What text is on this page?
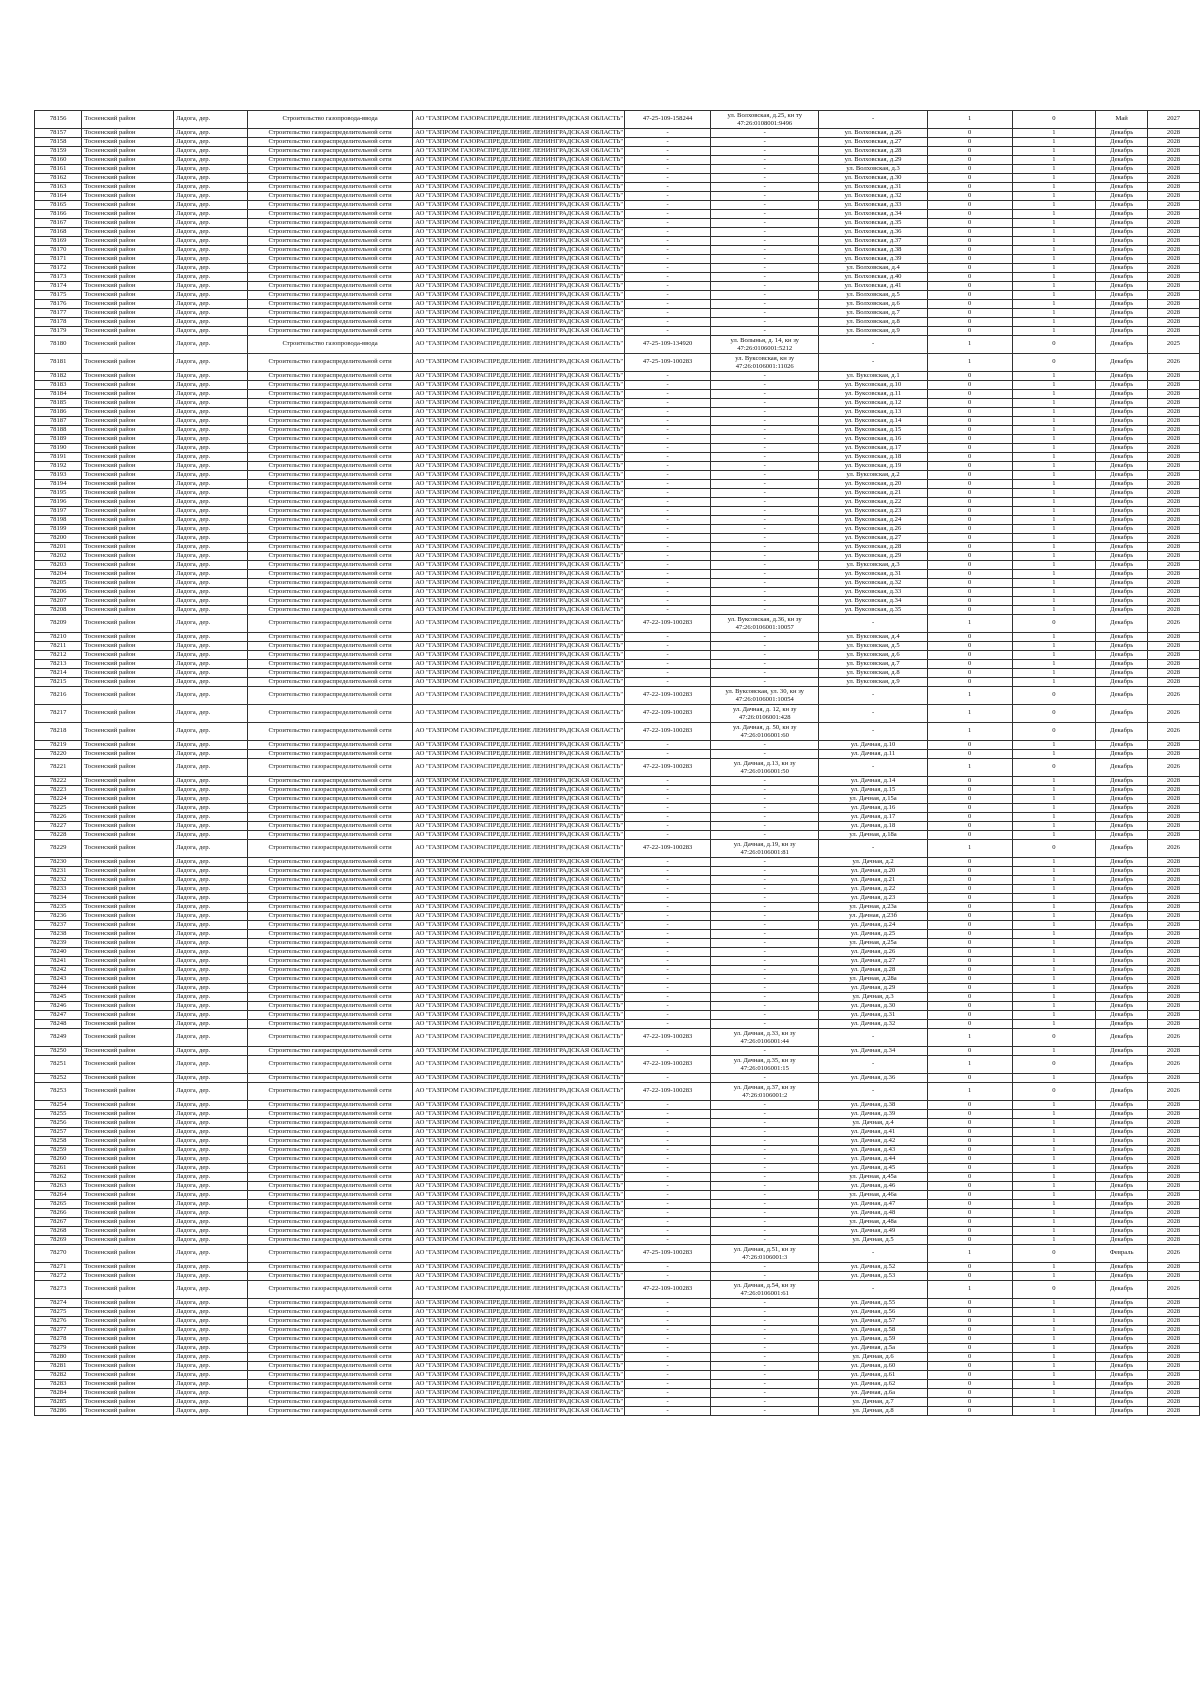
78156	Тосненский район	Ладога, дер.	Строительство газопровода-ввода	АО "ГАЗПРОМ ГАЗОРАСПРЕДЕЛЕНИЕ ЛЕНИНГРАДСКАЯ ОБЛАСТЬ"	47-25-109-158244	ул. Волховская, д.25, кн ту 47:26:0108001:9496	-	1	0	Май	2027
78157	Тосненский район	Ладога, дер.	Строительство газораспределительной сети	АО "ГАЗПРОМ ГАЗОРАСПРЕДЕЛЕНИЕ ЛЕНИНГРАДСКАЯ ОБЛАСТЬ"	-	-	ул. Волховская, д.26	0	1	Декабрь	2028
78158	Тосненский район	Ладога, дер.	Строительство газораспределительной сети	АО "ГАЗПРОМ ГАЗОРАСПРЕДЕЛЕНИЕ ЛЕНИНГРАДСКАЯ ОБЛАСТЬ"	-	-	ул. Волховская, д.27	0	1	Декабрь	2028
78159	Тосненский район	Ладога, дер.	Строительство газораспределительной сети	АО "ГАЗПРОМ ГАЗОРАСПРЕДЕЛЕНИЕ ЛЕНИНГРАДСКАЯ ОБЛАСТЬ"	-	-	ул. Волховская, д.28	0	1	Декабрь	2028
78160	Тосненский район	Ладога, дер.	Строительство газораспределительной сети	АО "ГАЗПРОМ ГАЗОРАСПРЕДЕЛЕНИЕ ЛЕНИНГРАДСКАЯ ОБЛАСТЬ"	-	-	ул. Волховская, д.29	0	1	Декабрь	2028
78161	Тосненский район	Ладога, дер.	Строительство газораспределительной сети	АО "ГАЗПРОМ ГАЗОРАСПРЕДЕЛЕНИЕ ЛЕНИНГРАДСКАЯ ОБЛАСТЬ"	-	-	ул. Волховская, д.3	0	1	Декабрь	2028
78162	Тосненский район	Ладога, дер.	Строительство газораспределительной сети	АО "ГАЗПРОМ ГАЗОРАСПРЕДЕЛЕНИЕ ЛЕНИНГРАДСКАЯ ОБЛАСТЬ"	-	-	ул. Волховская, д.30	0	1	Декабрь	2028
78163	Тосненский район	Ладога, дер.	Строительство газораспределительной сети	АО "ГАЗПРОМ ГАЗОРАСПРЕДЕЛЕНИЕ ЛЕНИНГРАДСКАЯ ОБЛАСТЬ"	-	-	ул. Волховская, д.31	0	1	Декабрь	2028
78164	Тосненский район	Ладога, дер.	Строительство газораспределительной сети	АО "ГАЗПРОМ ГАЗОРАСПРЕДЕЛЕНИЕ ЛЕНИНГРАДСКАЯ ОБЛАСТЬ"	-	-	ул. Волховская, д.32	0	1	Декабрь	2028
78165	Тосненский район	Ладога, дер.	Строительство газораспределительной сети	АО "ГАЗПРОМ ГАЗОРАСПРЕДЕЛЕНИЕ ЛЕНИНГРАДСКАЯ ОБЛАСТЬ"	-	-	ул. Волховская, д.33	0	1	Декабрь	2028
78166	Тосненский район	Ладога, дер.	Строительство газораспределительной сети	АО "ГАЗПРОМ ГАЗОРАСПРЕДЕЛЕНИЕ ЛЕНИНГРАДСКАЯ ОБЛАСТЬ"	-	-	ул. Волховская, д.34	0	1	Декабрь	2028
78167	Тосненский район	Ладога, дер.	Строительство газораспределительной сети	АО "ГАЗПРОМ ГАЗОРАСПРЕДЕЛЕНИЕ ЛЕНИНГРАДСКАЯ ОБЛАСТЬ"	-	-	ул. Волховская, д.35	0	1	Декабрь	2028
78168	Тосненский район	Ладога, дер.	Строительство газораспределительной сети	АО "ГАЗПРОМ ГАЗОРАСПРЕДЕЛЕНИЕ ЛЕНИНГРАДСКАЯ ОБЛАСТЬ"	-	-	ул. Волховская, д.36	0	1	Декабрь	2028
78169	Тосненский район	Ладога, дер.	Строительство газораспределительной сети	АО "ГАЗПРОМ ГАЗОРАСПРЕДЕЛЕНИЕ ЛЕНИНГРАДСКАЯ ОБЛАСТЬ"	-	-	ул. Волховская, д.37	0	1	Декабрь	2028
78170	Тосненский район	Ладога, дер.	Строительство газораспределительной сети	АО "ГАЗПРОМ ГАЗОРАСПРЕДЕЛЕНИЕ ЛЕНИНГРАДСКАЯ ОБЛАСТЬ"	-	-	ул. Волховская, д.38	0	1	Декабрь	2028
78171	Тосненский район	Ладога, дер.	Строительство газораспределительной сети	АО "ГАЗПРОМ ГАЗОРАСПРЕДЕЛЕНИЕ ЛЕНИНГРАДСКАЯ ОБЛАСТЬ"	-	-	ул. Волховская, д.39	0	1	Декабрь	2028
78172	Тосненский район	Ладога, дер.	Строительство газораспределительной сети	АО "ГАЗПРОМ ГАЗОРАСПРЕДЕЛЕНИЕ ЛЕНИНГРАДСКАЯ ОБЛАСТЬ"	-	-	ул. Волховская, д.4	0	1	Декабрь	2028
78173	Тосненский район	Ладога, дер.	Строительство газораспределительной сети	АО "ГАЗПРОМ ГАЗОРАСПРЕДЕЛЕНИЕ ЛЕНИНГРАДСКАЯ ОБЛАСТЬ"	-	-	ул. Волховская, д.40	0	1	Декабрь	2028
78174	Тосненский район	Ладога, дер.	Строительство газораспределительной сети	АО "ГАЗПРОМ ГАЗОРАСПРЕДЕЛЕНИЕ ЛЕНИНГРАДСКАЯ ОБЛАСТЬ"	-	-	ул. Волховская, д.41	0	1	Декабрь	2028
78175	Тосненский район	Ладога, дер.	Строительство газораспределительной сети	АО "ГАЗПРОМ ГАЗОРАСПРЕДЕЛЕНИЕ ЛЕНИНГРАДСКАЯ ОБЛАСТЬ"	-	-	ул. Волховская, д.5	0	1	Декабрь	2028
78176	Тосненский район	Ладога, дер.	Строительство газораспределительной сети	АО "ГАЗПРОМ ГАЗОРАСПРЕДЕЛЕНИЕ ЛЕНИНГРАДСКАЯ ОБЛАСТЬ"	-	-	ул. Волховская, д.6	0	1	Декабрь	2028
78177	Тосненский район	Ладога, дер.	Строительство газораспределительной сети	АО "ГАЗПРОМ ГАЗОРАСПРЕДЕЛЕНИЕ ЛЕНИНГРАДСКАЯ ОБЛАСТЬ"	-	-	ул. Волховская, д.7	0	1	Декабрь	2028
78178	Тосненский район	Ладога, дер.	Строительство газораспределительной сети	АО "ГАЗПРОМ ГАЗОРАСПРЕДЕЛЕНИЕ ЛЕНИНГРАДСКАЯ ОБЛАСТЬ"	-	-	ул. Волховская, д.8	0	1	Декабрь	2028
78179	Тосненский район	Ладога, дер.	Строительство газораспределительной сети	АО "ГАЗПРОМ ГАЗОРАСПРЕДЕЛЕНИЕ ЛЕНИНГРАДСКАЯ ОБЛАСТЬ"	-	-	ул. Волховская, д.9	0	1	Декабрь	2028
78180	Тосненский район	Ладога, дер.	Строительство газопровода-ввода	АО "ГАЗПРОМ ГАЗОРАСПРЕДЕЛЕНИЕ ЛЕНИНГРАДСКАЯ ОБЛАСТЬ"	47-25-109-134920	ул. Волынья, д. 14, кн зу 47:26:0106001:5212	-	1	0	Декабрь	2025
78181	Тосненский район	Ладога, дер.	Строительство газораспределительной сети	АО "ГАЗПРОМ ГАЗОРАСПРЕДЕЛЕНИЕ ЛЕНИНГРАДСКАЯ ОБЛАСТЬ"	47-25-109-100283	ул. Вуксовская, кн зу 47:26:0106001:11026	-	1	0	Декабрь	2026
78182	Тосненский район	Ладога, дер.	Строительство газораспределительной сети	АО "ГАЗПРОМ ГАЗОРАСПРЕДЕЛЕНИЕ ЛЕНИНГРАДСКАЯ ОБЛАСТЬ"	-	-	ул. Вуксовская, д.1	0	1	Декабрь	2028
78183	Тосненский район	Ладога, дер.	Строительство газораспределительной сети	АО "ГАЗПРОМ ГАЗОРАСПРЕДЕЛЕНИЕ ЛЕНИНГРАДСКАЯ ОБЛАСТЬ"	-	-	ул. Вуксовская, д.10	0	1	Декабрь	2028
78184	Тосненский район	Ладога, дер.	Строительство газораспределительной сети	АО "ГАЗПРОМ ГАЗОРАСПРЕДЕЛЕНИЕ ЛЕНИНГРАДСКАЯ ОБЛАСТЬ"	-	-	ул. Вуксовская, д.11	0	1	Декабрь	2028
78185	Тосненский район	Ладога, дер.	Строительство газораспределительной сети	АО "ГАЗПРОМ ГАЗОРАСПРЕДЕЛЕНИЕ ЛЕНИНГРАДСКАЯ ОБЛАСТЬ"	-	-	ул. Вуксовская, д.12	0	1	Декабрь	2028
78186	Тосненский район	Ладога, дер.	Строительство газораспределительной сети	АО "ГАЗПРОМ ГАЗОРАСПРЕДЕЛЕНИЕ ЛЕНИНГРАДСКАЯ ОБЛАСТЬ"	-	-	ул. Вуксовская, д.13	0	1	Декабрь	2028
78187	Тосненский район	Ладога, дер.	Строительство газораспределительной сети	АО "ГАЗПРОМ ГАЗОРАСПРЕДЕЛЕНИЕ ЛЕНИНГРАДСКАЯ ОБЛАСТЬ"	-	-	ул. Вуксовская, д.14	0	1	Декабрь	2028
78188	Тосненский район	Ладога, дер.	Строительство газораспределительной сети	АО "ГАЗПРОМ ГАЗОРАСПРЕДЕЛЕНИЕ ЛЕНИНГРАДСКАЯ ОБЛАСТЬ"	-	-	ул. Вуксовская, д.15	0	1	Декабрь	2028
78189	Тосненский район	Ладога, дер.	Строительство газораспределительной сети	АО "ГАЗПРОМ ГАЗОРАСПРЕДЕЛЕНИЕ ЛЕНИНГРАДСКАЯ ОБЛАСТЬ"	-	-	ул. Вуксовская, д.16	0	1	Декабрь	2028
78190	Тосненский район	Ладога, дер.	Строительство газораспределительной сети	АО "ГАЗПРОМ ГАЗОРАСПРЕДЕЛЕНИЕ ЛЕНИНГРАДСКАЯ ОБЛАСТЬ"	-	-	ул. Вуксовская, д.17	0	1	Декабрь	2028
78191	Тосненский район	Ладога, дер.	Строительство газораспределительной сети	АО "ГАЗПРОМ ГАЗОРАСПРЕДЕЛЕНИЕ ЛЕНИНГРАДСКАЯ ОБЛАСТЬ"	-	-	ул. Вуксовская, д.18	0	1	Декабрь	2028
78192	Тосненский район	Ладога, дер.	Строительство газораспределительной сети	АО "ГАЗПРОМ ГАЗОРАСПРЕДЕЛЕНИЕ ЛЕНИНГРАДСКАЯ ОБЛАСТЬ"	-	-	ул. Вуксовская, д.19	0	1	Декабрь	2028
78193	Тосненский район	Ладога, дер.	Строительство газораспределительной сети	АО "ГАЗПРОМ ГАЗОРАСПРЕДЕЛЕНИЕ ЛЕНИНГРАДСКАЯ ОБЛАСТЬ"	-	-	ул. Вуксовская, д.2	0	1	Декабрь	2028
78194	Тосненский район	Ладога, дер.	Строительство газораспределительной сети	АО "ГАЗПРОМ ГАЗОРАСПРЕДЕЛЕНИЕ ЛЕНИНГРАДСКАЯ ОБЛАСТЬ"	-	-	ул. Вуксовская, д.20	0	1	Декабрь	2028
78195	Тосненский район	Ладога, дер.	Строительство газораспределительной сети	АО "ГАЗПРОМ ГАЗОРАСПРЕДЕЛЕНИЕ ЛЕНИНГРАДСКАЯ ОБЛАСТЬ"	-	-	ул. Вуксовская, д.21	0	1	Декабрь	2028
78196	Тосненский район	Ладога, дер.	Строительство газораспределительной сети	АО "ГАЗПРОМ ГАЗОРАСПРЕДЕЛЕНИЕ ЛЕНИНГРАДСКАЯ ОБЛАСТЬ"	-	-	ул. Вуксовская, д.22	0	1	Декабрь	2028
78197	Тосненский район	Ладога, дер.	Строительство газораспределительной сети	АО "ГАЗПРОМ ГАЗОРАСПРЕДЕЛЕНИЕ ЛЕНИНГРАДСКАЯ ОБЛАСТЬ"	-	-	ул. Вуксовская, д.23	0	1	Декабрь	2028
78198	Тосненский район	Ладога, дер.	Строительство газораспределительной сети	АО "ГАЗПРОМ ГАЗОРАСПРЕДЕЛЕНИЕ ЛЕНИНГРАДСКАЯ ОБЛАСТЬ"	-	-	ул. Вуксовская, д.24	0	1	Декабрь	2028
78199	Тосненский район	Ладога, дер.	Строительство газораспределительной сети	АО "ГАЗПРОМ ГАЗОРАСПРЕДЕЛЕНИЕ ЛЕНИНГРАДСКАЯ ОБЛАСТЬ"	-	-	ул. Вуксовская, д.26	0	1	Декабрь	2028
78200	Тосненский район	Ладога, дер.	Строительство газораспределительной сети	АО "ГАЗПРОМ ГАЗОРАСПРЕДЕЛЕНИЕ ЛЕНИНГРАДСКАЯ ОБЛАСТЬ"	-	-	ул. Вуксовская, д.27	0	1	Декабрь	2028
78201	Тосненский район	Ладога, дер.	Строительство газораспределительной сети	АО "ГАЗПРОМ ГАЗОРАСПРЕДЕЛЕНИЕ ЛЕНИНГРАДСКАЯ ОБЛАСТЬ"	-	-	ул. Вуксовская, д.28	0	1	Декабрь	2028
78202	Тосненский район	Ладога, дер.	Строительство газораспределительной сети	АО "ГАЗПРОМ ГАЗОРАСПРЕДЕЛЕНИЕ ЛЕНИНГРАДСКАЯ ОБЛАСТЬ"	-	-	ул. Вуксовская, д.29	0	1	Декабрь	2028
78203	Тосненский район	Ладога, дер.	Строительство газораспределительной сети	АО "ГАЗПРОМ ГАЗОРАСПРЕДЕЛЕНИЕ ЛЕНИНГРАДСКАЯ ОБЛАСТЬ"	-	-	ул. Вуксовская, д.3	0	1	Декабрь	2028
78204	Тосненский район	Ладога, дер.	Строительство газораспределительной сети	АО "ГАЗПРОМ ГАЗОРАСПРЕДЕЛЕНИЕ ЛЕНИНГРАДСКАЯ ОБЛАСТЬ"	-	-	ул. Вуксовская, д.31	0	1	Декабрь	2028
78205	Тосненский район	Ладога, дер.	Строительство газораспределительной сети	АО "ГАЗПРОМ ГАЗОРАСПРЕДЕЛЕНИЕ ЛЕНИНГРАДСКАЯ ОБЛАСТЬ"	-	-	ул. Вуксовская, д.32	0	1	Декабрь	2028
78206	Тосненский район	Ладога, дер.	Строительство газораспределительной сети	АО "ГАЗПРОМ ГАЗОРАСПРЕДЕЛЕНИЕ ЛЕНИНГРАДСКАЯ ОБЛАСТЬ"	-	-	ул. Вуксовская, д.33	0	1	Декабрь	2028
78207	Тосненский район	Ладога, дер.	Строительство газораспределительной сети	АО "ГАЗПРОМ ГАЗОРАСПРЕДЕЛЕНИЕ ЛЕНИНГРАДСКАЯ ОБЛАСТЬ"	-	-	ул. Вуксовская, д.34	0	1	Декабрь	2028
78208	Тосненский район	Ладога, дер.	Строительство газораспределительной сети	АО "ГАЗПРОМ ГАЗОРАСПРЕДЕЛЕНИЕ ЛЕНИНГРАДСКАЯ ОБЛАСТЬ"	-	-	ул. Вуксовская, д.35	0	1	Декабрь	2028
78209	Тосненский район	Ладога, дер.	Строительство газораспределительной сети	АО "ГАЗПРОМ ГАЗОРАСПРЕДЕЛЕНИЕ ЛЕНИНГРАДСКАЯ ОБЛАСТЬ"	47-22-109-100283	ул. Вуксовская, д.36, кн зу 47:26:0106001:10057	-	1	0	Декабрь	2026
78210	Тосненский район	Ладога, дер.	Строительство газораспределительной сети	АО "ГАЗПРОМ ГАЗОРАСПРЕДЕЛЕНИЕ ЛЕНИНГРАДСКАЯ ОБЛАСТЬ"	-	-	ул. Вуксовская, д.4	0	1	Декабрь	2028
78211	Тосненский район	Ладога, дер.	Строительство газораспределительной сети	АО "ГАЗПРОМ ГАЗОРАСПРЕДЕЛЕНИЕ ЛЕНИНГРАДСКАЯ ОБЛАСТЬ"	-	-	ул. Вуксовская, д.5	0	1	Декабрь	2028
78212	Тосненский район	Ладога, дер.	Строительство газораспределительной сети	АО "ГАЗПРОМ ГАЗОРАСПРЕДЕЛЕНИЕ ЛЕНИНГРАДСКАЯ ОБЛАСТЬ"	-	-	ул. Вуксовская, д.6	0	1	Декабрь	2028
78213	Тосненский район	Ладога, дер.	Строительство газораспределительной сети	АО "ГАЗПРОМ ГАЗОРАСПРЕДЕЛЕНИЕ ЛЕНИНГРАДСКАЯ ОБЛАСТЬ"	-	-	ул. Вуксовская, д.7	0	1	Декабрь	2028
78214	Тосненский район	Ладога, дер.	Строительство газораспределительной сети	АО "ГАЗПРОМ ГАЗОРАСПРЕДЕЛЕНИЕ ЛЕНИНГРАДСКАЯ ОБЛАСТЬ"	-	-	ул. Вуксовская, д.8	0	1	Декабрь	2028
78215	Тосненский район	Ладога, дер.	Строительство газораспределительной сети	АО "ГАЗПРОМ ГАЗОРАСПРЕДЕЛЕНИЕ ЛЕНИНГРАДСКАЯ ОБЛАСТЬ"	-	-	ул. Вуксовская, д.9	0	1	Декабрь	2028
78216	Тосненский район	Ладога, дер.	Строительство газораспределительной сети	АО "ГАЗПРОМ ГАЗОРАСПРЕДЕЛЕНИЕ ЛЕНИНГРАДСКАЯ ОБЛАСТЬ"	47-22-109-100283	ул. Вуксовская, ул. 30, кн зу 47:26:0106001:10054	-	1	0	Декабрь	2026
78217	Тосненский район	Ладога, дер.	Строительство газораспределительной сети	АО "ГАЗПРОМ ГАЗОРАСПРЕДЕЛЕНИЕ ЛЕНИНГРАДСКАЯ ОБЛАСТЬ"	47-22-109-100283	ул. Дачная, д. 12, кн зу 47:26:0106001:428	-	1	0	Декабрь	2026
78218	Тосненский район	Ладога, дер.	Строительство газораспределительной сети	АО "ГАЗПРОМ ГАЗОРАСПРЕДЕЛЕНИЕ ЛЕНИНГРАДСКАЯ ОБЛАСТЬ"	47-22-109-100283	ул. Дачная, д. 50, кн зу 47:26:0106001:60	-	1	0	Декабрь	2026
78219	Тосненский район	Ладога, дер.	Строительство газораспределительной сети	АО "ГАЗПРОМ ГАЗОРАСПРЕДЕЛЕНИЕ ЛЕНИНГРАДСКАЯ ОБЛАСТЬ"	-	-	ул. Дачная, д.10	0	1	Декабрь	2028
78220	Тосненский район	Ладога, дер.	Строительство газораспределительной сети	АО "ГАЗПРОМ ГАЗОРАСПРЕДЕЛЕНИЕ ЛЕНИНГРАДСКАЯ ОБЛАСТЬ"	-	-	ул. Дачная, д.11	0	1	Декабрь	2028
78221	Тосненский район	Ладога, дер.	Строительство газораспределительной сети	АО "ГАЗПРОМ ГАЗОРАСПРЕДЕЛЕНИЕ ЛЕНИНГРАДСКАЯ ОБЛАСТЬ"	47-22-109-100283	ул. Дачная, д.13, кн зу 47:26:0106001:50	-	1	0	Декабрь	2026
78222	Тосненский район	Ладога, дер.	Строительство газораспределительной сети	АО "ГАЗПРОМ ГАЗОРАСПРЕДЕЛЕНИЕ ЛЕНИНГРАДСКАЯ ОБЛАСТЬ"	-	-	ул. Дачная, д.14	0	1	Декабрь	2028
78223	Тосненский район	Ладога, дер.	Строительство газораспределительной сети	АО "ГАЗПРОМ ГАЗОРАСПРЕДЕЛЕНИЕ ЛЕНИНГРАДСКАЯ ОБЛАСТЬ"	-	-	ул. Дачная, д.15	0	1	Декабрь	2028
78224	Тосненский район	Ладога, дер.	Строительство газораспределительной сети	АО "ГАЗПРОМ ГАЗОРАСПРЕДЕЛЕНИЕ ЛЕНИНГРАДСКАЯ ОБЛАСТЬ"	-	-	ул. Дачная, д.15а	0	1	Декабрь	2028
78225	Тосненский район	Ладога, дер.	Строительство газораспределительной сети	АО "ГАЗПРОМ ГАЗОРАСПРЕДЕЛЕНИЕ ЛЕНИНГРАДСКАЯ ОБЛАСТЬ"	-	-	ул. Дачная, д.16	0	1	Декабрь	2028
78226	Тосненский район	Ладога, дер.	Строительство газораспределительной сети	АО "ГАЗПРОМ ГАЗОРАСПРЕДЕЛЕНИЕ ЛЕНИНГРАДСКАЯ ОБЛАСТЬ"	-	-	ул. Дачная, д.17	0	1	Декабрь	2028
78227	Тосненский район	Ладога, дер.	Строительство газораспределительной сети	АО "ГАЗПРОМ ГАЗОРАСПРЕДЕЛЕНИЕ ЛЕНИНГРАДСКАЯ ОБЛАСТЬ"	-	-	ул. Дачная, д.18	0	1	Декабрь	2028
78228	Тосненский район	Ладога, дер.	Строительство газораспределительной сети	АО "ГАЗПРОМ ГАЗОРАСПРЕДЕЛЕНИЕ ЛЕНИНГРАДСКАЯ ОБЛАСТЬ"	-	-	ул. Дачная, д.18а	0	1	Декабрь	2028
78229	Тосненский район	Ладога, дер.	Строительство газораспределительной сети	АО "ГАЗПРОМ ГАЗОРАСПРЕДЕЛЕНИЕ ЛЕНИНГРАДСКАЯ ОБЛАСТЬ"	47-22-109-100283	ул. Дачная, д.19, кн зу 47:26:0106001:81	-	1	0	Декабрь	2026
78230	Тосненский район	Ладога, дер.	Строительство газораспределительной сети	АО "ГАЗПРОМ ГАЗОРАСПРЕДЕЛЕНИЕ ЛЕНИНГРАДСКАЯ ОБЛАСТЬ"	-	-	ул. Дачная, д.2	0	1	Декабрь	2028
78231	Тосненский район	Ладога, дер.	Строительство газораспределительной сети	АО "ГАЗПРОМ ГАЗОРАСПРЕДЕЛЕНИЕ ЛЕНИНГРАДСКАЯ ОБЛАСТЬ"	-	-	ул. Дачная, д.20	0	1	Декабрь	2028
78232	Тосненский район	Ладога, дер.	Строительство газораспределительной сети	АО "ГАЗПРОМ ГАЗОРАСПРЕДЕЛЕНИЕ ЛЕНИНГРАДСКАЯ ОБЛАСТЬ"	-	-	ул. Дачная, д.21	0	1	Декабрь	2028
78233	Тосненский район	Ладога, дер.	Строительство газораспределительной сети	АО "ГАЗПРОМ ГАЗОРАСПРЕДЕЛЕНИЕ ЛЕНИНГРАДСКАЯ ОБЛАСТЬ"	-	-	ул. Дачная, д.22	0	1	Декабрь	2028
78234	Тосненский район	Ладога, дер.	Строительство газораспределительной сети	АО "ГАЗПРОМ ГАЗОРАСПРЕДЕЛЕНИЕ ЛЕНИНГРАДСКАЯ ОБЛАСТЬ"	-	-	ул. Дачная, д.23	0	1	Декабрь	2028
78235	Тосненский район	Ладога, дер.	Строительство газораспределительной сети	АО "ГАЗПРОМ ГАЗОРАСПРЕДЕЛЕНИЕ ЛЕНИНГРАДСКАЯ ОБЛАСТЬ"	-	-	ул. Дачная, д.23а	0	1	Декабрь	2028
78236	Тосненский район	Ладога, дер.	Строительство газораспределительной сети	АО "ГАЗПРОМ ГАЗОРАСПРЕДЕЛЕНИЕ ЛЕНИНГРАДСКАЯ ОБЛАСТЬ"	-	-	ул. Дачная, д.23б	0	1	Декабрь	2028
78237	Тосненский район	Ладога, дер.	Строительство газораспределительной сети	АО "ГАЗПРОМ ГАЗОРАСПРЕДЕЛЕНИЕ ЛЕНИНГРАДСКАЯ ОБЛАСТЬ"	-	-	ул. Дачная, д.24	0	1	Декабрь	2028
78238	Тосненский район	Ладога, дер.	Строительство газораспределительной сети	АО "ГАЗПРОМ ГАЗОРАСПРЕДЕЛЕНИЕ ЛЕНИНГРАДСКАЯ ОБЛАСТЬ"	-	-	ул. Дачная, д.25	0	1	Декабрь	2028
78239	Тосненский район	Ладога, дер.	Строительство газораспределительной сети	АО "ГАЗПРОМ ГАЗОРАСПРЕДЕЛЕНИЕ ЛЕНИНГРАДСКАЯ ОБЛАСТЬ"	-	-	ул. Дачная, д.25а	0	1	Декабрь	2028
78240	Тосненский район	Ладога, дер.	Строительство газораспределительной сети	АО "ГАЗПРОМ ГАЗОРАСПРЕДЕЛЕНИЕ ЛЕНИНГРАДСКАЯ ОБЛАСТЬ"	-	-	ул. Дачная, д.26	0	1	Декабрь	2028
78241	Тосненский район	Ладога, дер.	Строительство газораспределительной сети	АО "ГАЗПРОМ ГАЗОРАСПРЕДЕЛЕНИЕ ЛЕНИНГРАДСКАЯ ОБЛАСТЬ"	-	-	ул. Дачная, д.27	0	1	Декабрь	2028
78242	Тосненский район	Ладога, дер.	Строительство газораспределительной сети	АО "ГАЗПРОМ ГАЗОРАСПРЕДЕЛЕНИЕ ЛЕНИНГРАДСКАЯ ОБЛАСТЬ"	-	-	ул. Дачная, д.28	0	1	Декабрь	2028
78243	Тосненский район	Ладога, дер.	Строительство газораспределительной сети	АО "ГАЗПРОМ ГАЗОРАСПРЕДЕЛЕНИЕ ЛЕНИНГРАДСКАЯ ОБЛАСТЬ"	-	-	ул. Дачная, д.28а	0	1	Декабрь	2028
78244	Тосненский район	Ладога, дер.	Строительство газораспределительной сети	АО "ГАЗПРОМ ГАЗОРАСПРЕДЕЛЕНИЕ ЛЕНИНГРАДСКАЯ ОБЛАСТЬ"	-	-	ул. Дачная, д.29	0	1	Декабрь	2028
78245	Тосненский район	Ладога, дер.	Строительство газораспределительной сети	АО "ГАЗПРОМ ГАЗОРАСПРЕДЕЛЕНИЕ ЛЕНИНГРАДСКАЯ ОБЛАСТЬ"	-	-	ул. Дачная, д.3	0	1	Декабрь	2028
78246	Тосненский район	Ладога, дер.	Строительство газораспределительной сети	АО "ГАЗПРОМ ГАЗОРАСПРЕДЕЛЕНИЕ ЛЕНИНГРАДСКАЯ ОБЛАСТЬ"	-	-	ул. Дачная, д.30	0	1	Декабрь	2028
78247	Тосненский район	Ладога, дер.	Строительство газораспределительной сети	АО "ГАЗПРОМ ГАЗОРАСПРЕДЕЛЕНИЕ ЛЕНИНГРАДСКАЯ ОБЛАСТЬ"	-	-	ул. Дачная, д.31	0	1	Декабрь	2028
78248	Тосненский район	Ладога, дер.	Строительство газораспределительной сети	АО "ГАЗПРОМ ГАЗОРАСПРЕДЕЛЕНИЕ ЛЕНИНГРАДСКАЯ ОБЛАСТЬ"	-	-	ул. Дачная, д.32	0	1	Декабрь	2028
78249	Тосненский район	Ладога, дер.	Строительство газораспределительной сети	АО "ГАЗПРОМ ГАЗОРАСПРЕДЕЛЕНИЕ ЛЕНИНГРАДСКАЯ ОБЛАСТЬ"	47-22-109-100283	ул. Дачная, д.33, кн зу 47:26:0106001:44	-	1	0	Декабрь	2026
78250	Тосненский район	Ладога, дер.	Строительство газораспределительной сети	АО "ГАЗПРОМ ГАЗОРАСПРЕДЕЛЕНИЕ ЛЕНИНГРАДСКАЯ ОБЛАСТЬ"	-	-	ул. Дачная, д.34	0	1	Декабрь	2028
78251	Тосненский район	Ладога, дер.	Строительство газораспределительной сети	АО "ГАЗПРОМ ГАЗОРАСПРЕДЕЛЕНИЕ ЛЕНИНГРАДСКАЯ ОБЛАСТЬ"	47-22-109-100283	ул. Дачная, д.35, кн зу 47:26:0106001:15	-	1	0	Декабрь	2026
78252	Тосненский район	Ладога, дер.	Строительство газораспределительной сети	АО "ГАЗПРОМ ГАЗОРАСПРЕДЕЛЕНИЕ ЛЕНИНГРАДСКАЯ ОБЛАСТЬ"	-	-	ул. Дачная, д.36	0	1	Декабрь	2028
78253	Тосненский район	Ладога, дер.	Строительство газораспределительной сети	АО "ГАЗПРОМ ГАЗОРАСПРЕДЕЛЕНИЕ ЛЕНИНГРАДСКАЯ ОБЛАСТЬ"	47-22-109-100283	ул. Дачная, д.37, кн зу 47:26:0106001:2	-	1	0	Декабрь	2026
78254	Тосненский район	Ладога, дер.	Строительство газораспределительной сети	АО "ГАЗПРОМ ГАЗОРАСПРЕДЕЛЕНИЕ ЛЕНИНГРАДСКАЯ ОБЛАСТЬ"	-	-	ул. Дачная, д.38	0	1	Декабрь	2028
78255	Тосненский район	Ладога, дер.	Строительство газораспределительной сети	АО "ГАЗПРОМ ГАЗОРАСПРЕДЕЛЕНИЕ ЛЕНИНГРАДСКАЯ ОБЛАСТЬ"	-	-	ул. Дачная, д.39	0	1	Декабрь	2028
78256	Тосненский район	Ладога, дер.	Строительство газораспределительной сети	АО "ГАЗПРОМ ГАЗОРАСПРЕДЕЛЕНИЕ ЛЕНИНГРАДСКАЯ ОБЛАСТЬ"	-	-	ул. Дачная, д.4	0	1	Декабрь	2028
78257	Тосненский район	Ладога, дер.	Строительство газораспределительной сети	АО "ГАЗПРОМ ГАЗОРАСПРЕДЕЛЕНИЕ ЛЕНИНГРАДСКАЯ ОБЛАСТЬ"	-	-	ул. Дачная, д.41	0	1	Декабрь	2028
78258	Тосненский район	Ладога, дер.	Строительство газораспределительной сети	АО "ГАЗПРОМ ГАЗОРАСПРЕДЕЛЕНИЕ ЛЕНИНГРАДСКАЯ ОБЛАСТЬ"	-	-	ул. Дачная, д.42	0	1	Декабрь	2028
78259	Тосненский район	Ладога, дер.	Строительство газораспределительной сети	АО "ГАЗПРОМ ГАЗОРАСПРЕДЕЛЕНИЕ ЛЕНИНГРАДСКАЯ ОБЛАСТЬ"	-	-	ул. Дачная, д.43	0	1	Декабрь	2028
78260	Тосненский район	Ладога, дер.	Строительство газораспределительной сети	АО "ГАЗПРОМ ГАЗОРАСПРЕДЕЛЕНИЕ ЛЕНИНГРАДСКАЯ ОБЛАСТЬ"	-	-	ул. Дачная, д.44	0	1	Декабрь	2028
78261	Тосненский район	Ладога, дер.	Строительство газораспределительной сети	АО "ГАЗПРОМ ГАЗОРАСПРЕДЕЛЕНИЕ ЛЕНИНГРАДСКАЯ ОБЛАСТЬ"	-	-	ул. Дачная, д.45	0	1	Декабрь	2028
78262	Тосненский район	Ладога, дер.	Строительство газораспределительной сети	АО "ГАЗПРОМ ГАЗОРАСПРЕДЕЛЕНИЕ ЛЕНИНГРАДСКАЯ ОБЛАСТЬ"	-	-	ул. Дачная, д.45а	0	1	Декабрь	2028
78263	Тосненский район	Ладога, дер.	Строительство газораспределительной сети	АО "ГАЗПРОМ ГАЗОРАСПРЕДЕЛЕНИЕ ЛЕНИНГРАДСКАЯ ОБЛАСТЬ"	-	-	ул. Дачная, д.46	0	1	Декабрь	2028
78264	Тосненский район	Ладога, дер.	Строительство газораспределительной сети	АО "ГАЗПРОМ ГАЗОРАСПРЕДЕЛЕНИЕ ЛЕНИНГРАДСКАЯ ОБЛАСТЬ"	-	-	ул. Дачная, д.46а	0	1	Декабрь	2028
78265	Тосненский район	Ладога, дер.	Строительство газораспределительной сети	АО "ГАЗПРОМ ГАЗОРАСПРЕДЕЛЕНИЕ ЛЕНИНГРАДСКАЯ ОБЛАСТЬ"	-	-	ул. Дачная, д.47	0	1	Декабрь	2028
78266	Тосненский район	Ладога, дер.	Строительство газораспределительной сети	АО "ГАЗПРОМ ГАЗОРАСПРЕДЕЛЕНИЕ ЛЕНИНГРАДСКАЯ ОБЛАСТЬ"	-	-	ул. Дачная, д.48	0	1	Декабрь	2028
78267	Тосненский район	Ладога, дер.	Строительство газораспределительной сети	АО "ГАЗПРОМ ГАЗОРАСПРЕДЕЛЕНИЕ ЛЕНИНГРАДСКАЯ ОБЛАСТЬ"	-	-	ул. Дачная, д.48а	0	1	Декабрь	2028
78268	Тосненский район	Ладога, дер.	Строительство газораспределительной сети	АО "ГАЗПРОМ ГАЗОРАСПРЕДЕЛЕНИЕ ЛЕНИНГРАДСКАЯ ОБЛАСТЬ"	-	-	ул. Дачная, д.49	0	1	Декабрь	2028
78269	Тосненский район	Ладога, дер.	Строительство газораспределительной сети	АО "ГАЗПРОМ ГАЗОРАСПРЕДЕЛЕНИЕ ЛЕНИНГРАДСКАЯ ОБЛАСТЬ"	-	-	ул. Дачная, д.5	0	1	Декабрь	2028
78270	Тосненский район	Ладога, дер.	Строительство газораспределительной сети	АО "ГАЗПРОМ ГАЗОРАСПРЕДЕЛЕНИЕ ЛЕНИНГРАДСКАЯ ОБЛАСТЬ"	47-25-109-100283	ул. Дачная, д.51, кн зу 47:26:0106001:3	-	1	0	Февраль	2026
78271	Тосненский район	Ладога, дер.	Строительство газораспределительной сети	АО "ГАЗПРОМ ГАЗОРАСПРЕДЕЛЕНИЕ ЛЕНИНГРАДСКАЯ ОБЛАСТЬ"	-	-	ул. Дачная, д.52	0	1	Декабрь	2028
78272	Тосненский район	Ладога, дер.	Строительство газораспределительной сети	АО "ГАЗПРОМ ГАЗОРАСПРЕДЕЛЕНИЕ ЛЕНИНГРАДСКАЯ ОБЛАСТЬ"	-	-	ул. Дачная, д.53	0	1	Декабрь	2028
78273	Тосненский район	Ладога, дер.	Строительство газораспределительной сети	АО "ГАЗПРОМ ГАЗОРАСПРЕДЕЛЕНИЕ ЛЕНИНГРАДСКАЯ ОБЛАСТЬ"	47-22-109-100283	ул. Дачная, д.54, кн зу 47:26:0106001:61	-	1	0	Декабрь	2026
78274	Тосненский район	Ладога, дер.	Строительство газораспределительной сети	АО "ГАЗПРОМ ГАЗОРАСПРЕДЕЛЕНИЕ ЛЕНИНГРАДСКАЯ ОБЛАСТЬ"	-	-	ул. Дачная, д.55	0	1	Декабрь	2028
78275	Тосненский район	Ладога, дер.	Строительство газораспределительной сети	АО "ГАЗПРОМ ГАЗОРАСПРЕДЕЛЕНИЕ ЛЕНИНГРАДСКАЯ ОБЛАСТЬ"	-	-	ул. Дачная, д.56	0	1	Декабрь	2028
78276	Тосненский район	Ладога, дер.	Строительство газораспределительной сети	АО "ГАЗПРОМ ГАЗОРАСПРЕДЕЛЕНИЕ ЛЕНИНГРАДСКАЯ ОБЛАСТЬ"	-	-	ул. Дачная, д.57	0	1	Декабрь	2028
78277	Тосненский район	Ладога, дер.	Строительство газораспределительной сети	АО "ГАЗПРОМ ГАЗОРАСПРЕДЕЛЕНИЕ ЛЕНИНГРАДСКАЯ ОБЛАСТЬ"	-	-	ул. Дачная, д.58	0	1	Декабрь	2028
78278	Тосненский район	Ладога, дер.	Строительство газораспределительной сети	АО "ГАЗПРОМ ГАЗОРАСПРЕДЕЛЕНИЕ ЛЕНИНГРАДСКАЯ ОБЛАСТЬ"	-	-	ул. Дачная, д.59	0	1	Декабрь	2028
78279	Тосненский район	Ладога, дер.	Строительство газораспределительной сети	АО "ГАЗПРОМ ГАЗОРАСПРЕДЕЛЕНИЕ ЛЕНИНГРАДСКАЯ ОБЛАСТЬ"	-	-	ул. Дачная, д.5а	0	1	Декабрь	2028
78280	Тосненский район	Ладога, дер.	Строительство газораспределительной сети	АО "ГАЗПРОМ ГАЗОРАСПРЕДЕЛЕНИЕ ЛЕНИНГРАДСКАЯ ОБЛАСТЬ"	-	-	ул. Дачная, д.6	0	1	Декабрь	2028
78281	Тосненский район	Ладога, дер.	Строительство газораспределительной сети	АО "ГАЗПРОМ ГАЗОРАСПРЕДЕЛЕНИЕ ЛЕНИНГРАДСКАЯ ОБЛАСТЬ"	-	-	ул. Дачная, д.60	0	1	Декабрь	2028
78282	Тосненский район	Ладога, дер.	Строительство газораспределительной сети	АО "ГАЗПРОМ ГАЗОРАСПРЕДЕЛЕНИЕ ЛЕНИНГРАДСКАЯ ОБЛАСТЬ"	-	-	ул. Дачная, д.61	0	1	Декабрь	2028
78283	Тосненский район	Ладога, дер.	Строительство газораспределительной сети	АО "ГАЗПРОМ ГАЗОРАСПРЕДЕЛЕНИЕ ЛЕНИНГРАДСКАЯ ОБЛАСТЬ"	-	-	ул. Дачная, д.62	0	1	Декабрь	2028
78284	Тосненский район	Ладога, дер.	Строительство газораспределительной сети	АО "ГАЗПРОМ ГАЗОРАСПРЕДЕЛЕНИЕ ЛЕНИНГРАДСКАЯ ОБЛАСТЬ"	-	-	ул. Дачная, д.6а	0	1	Декабрь	2028
78285	Тосненский район	Ладога, дер.	Строительство газораспределительной сети	АО "ГАЗПРОМ ГАЗОРАСПРЕДЕЛЕНИЕ ЛЕНИНГРАДСКАЯ ОБЛАСТЬ"	-	-	ул. Дачная, д.7	0	1	Декабрь	2028
78286	Тосненский район	Ладога, дер.	Строительство газораспределительной сети	АО "ГАЗПРОМ ГАЗОРАСПРЕДЕЛЕНИЕ ЛЕНИНГРАДСКАЯ ОБЛАСТЬ"	-	-	ул. Дачная, д.8	0	1	Декабрь	2028
